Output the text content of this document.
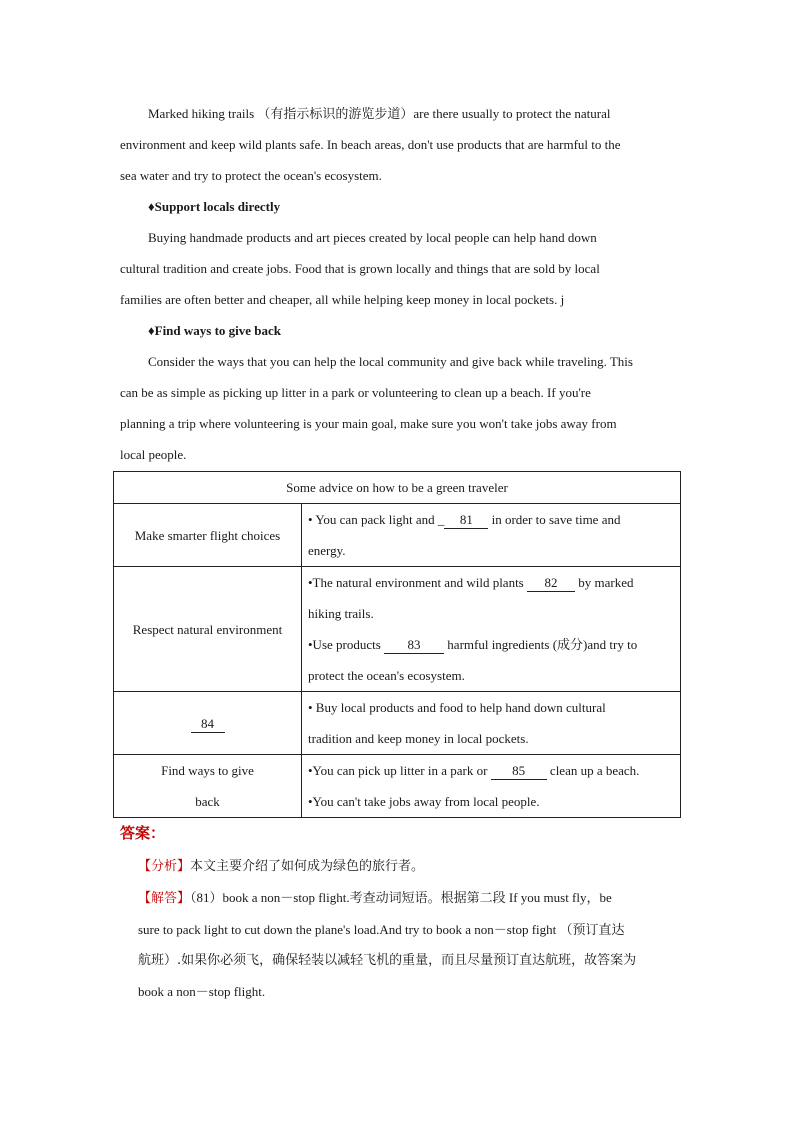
Marked hiking trails （有指示标识的游览步道）are there usually to protect the natural

environment and keep wild plants safe. In beach areas, don't use products that are harmful to the

sea water and try to protect the ocean's ecosystem.

♦Support locals directly

Buying handmade products and art pieces created by local people can help hand down

cultural tradition and create jobs. Food that is grown locally and things that are sold by local

families are often better and cheaper, all while helping keep money in local pockets. j

♦Find ways to give back

Consider the ways that you can help the local community and give back while traveling. This

can be as simple as picking up litter in a park or volunteering to clean up a beach. If you're

planning a trip where volunteering is your main goal, make sure you won't take jobs away from

local people.

Some advice on how to be a green traveler	
Make smarter flight choices	• You can pack light and _ 81 in order to save time and
energy.
Respect natural environment	•The natural environment and wild plants 82 by marked
hiking trails.
•Use products 83 harmful ingredients (成分)and try to
protect the ocean's ecosystem.
84	• Buy local products and food to help hand down cultural
tradition and keep money in local pockets.
Find ways to give
back	•You can pick up litter in a park or 85 clean up a beach.
•You can't take jobs away from local people.

答案：

【分析】本文主要介绍了如何成为绿色的旅行者。

【解答】（81）book a non－stop flight.考查动词短语。根据第二段 If you must fly，be

sure to pack light to cut down the plane's load.And try to book a non－stop fight （预订直达

航班）.如果你必须飞，确保轻装以减轻飞机的重量，而且尽量预订直达航班，故答案为

book a non－stop flight.
